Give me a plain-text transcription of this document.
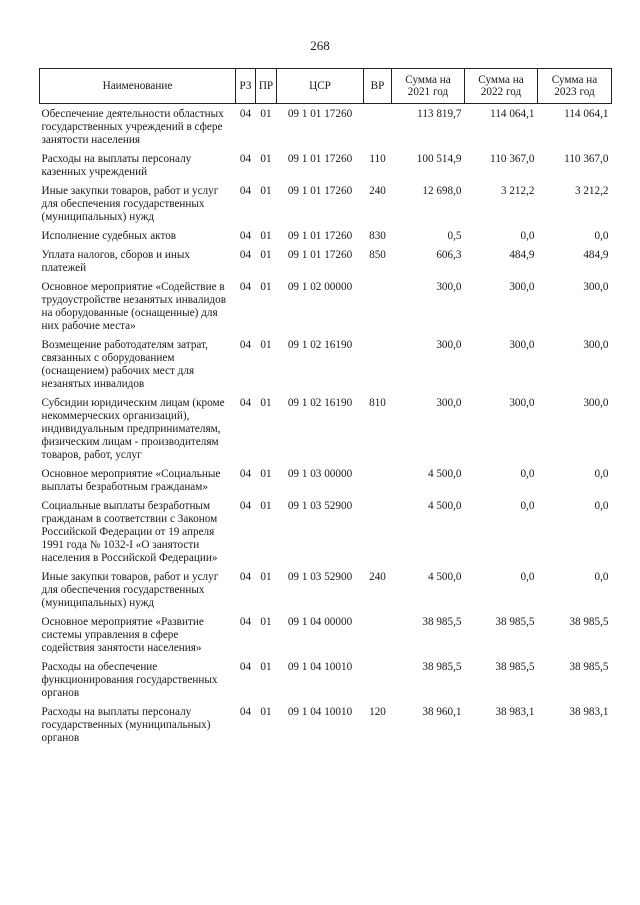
268
Наименование	РЗ	ПР	ЦСР	ВР	Сумма на 2021 год	Сумма на 2022 год	Сумма на 2023 год
Обеспечение деятельности областных государственных учреждений в сфере занятости населения	04	01	09 1 01 17260		113 819,7	114 064,1	114 064,1
Расходы на выплаты персоналу казенных учреждений	04	01	09 1 01 17260	110	100 514,9	110 367,0	110 367,0
Иные закупки товаров, работ и услуг для обеспечения государственных (муниципальных) нужд	04	01	09 1 01 17260	240	12 698,0	3 212,2	3 212,2
Исполнение судебных актов	04	01	09 1 01 17260	830	0,5	0,0	0,0
Уплата налогов, сборов и иных платежей	04	01	09 1 01 17260	850	606,3	484,9	484,9
Основное мероприятие «Содействие в трудоустройстве незанятых инвалидов на оборудованные (оснащенные) для них рабочие места»	04	01	09 1 02 00000		300,0	300,0	300,0
Возмещение работодателям затрат, связанных с оборудованием (оснащением) рабочих мест для незанятых инвалидов	04	01	09 1 02 16190		300,0	300,0	300,0
Субсидии юридическим лицам (кроме некоммерческих организаций), индивидуальным предпринимателям, физическим лицам - производителям товаров, работ, услуг	04	01	09 1 02 16190	810	300,0	300,0	300,0
Основное мероприятие «Социальные выплаты безработным гражданам»	04	01	09 1 03 00000		4 500,0	0,0	0,0
Социальные выплаты безработным гражданам в соответствии с Законом Российской Федерации от 19 апреля 1991 года № 1032-I «О занятости населения в Российской Федерации»	04	01	09 1 03 52900		4 500,0	0,0	0,0
Иные закупки товаров, работ и услуг для обеспечения государственных (муниципальных) нужд	04	01	09 1 03 52900	240	4 500,0	0,0	0,0
Основное мероприятие «Развитие системы управления в сфере содействия занятости населения»	04	01	09 1 04 00000		38 985,5	38 985,5	38 985,5
Расходы на обеспечение функционирования государственных органов	04	01	09 1 04 10010		38 985,5	38 985,5	38 985,5
Расходы на выплаты персоналу государственных (муниципальных) органов	04	01	09 1 04 10010	120	38 960,1	38 983,1	38 983,1
